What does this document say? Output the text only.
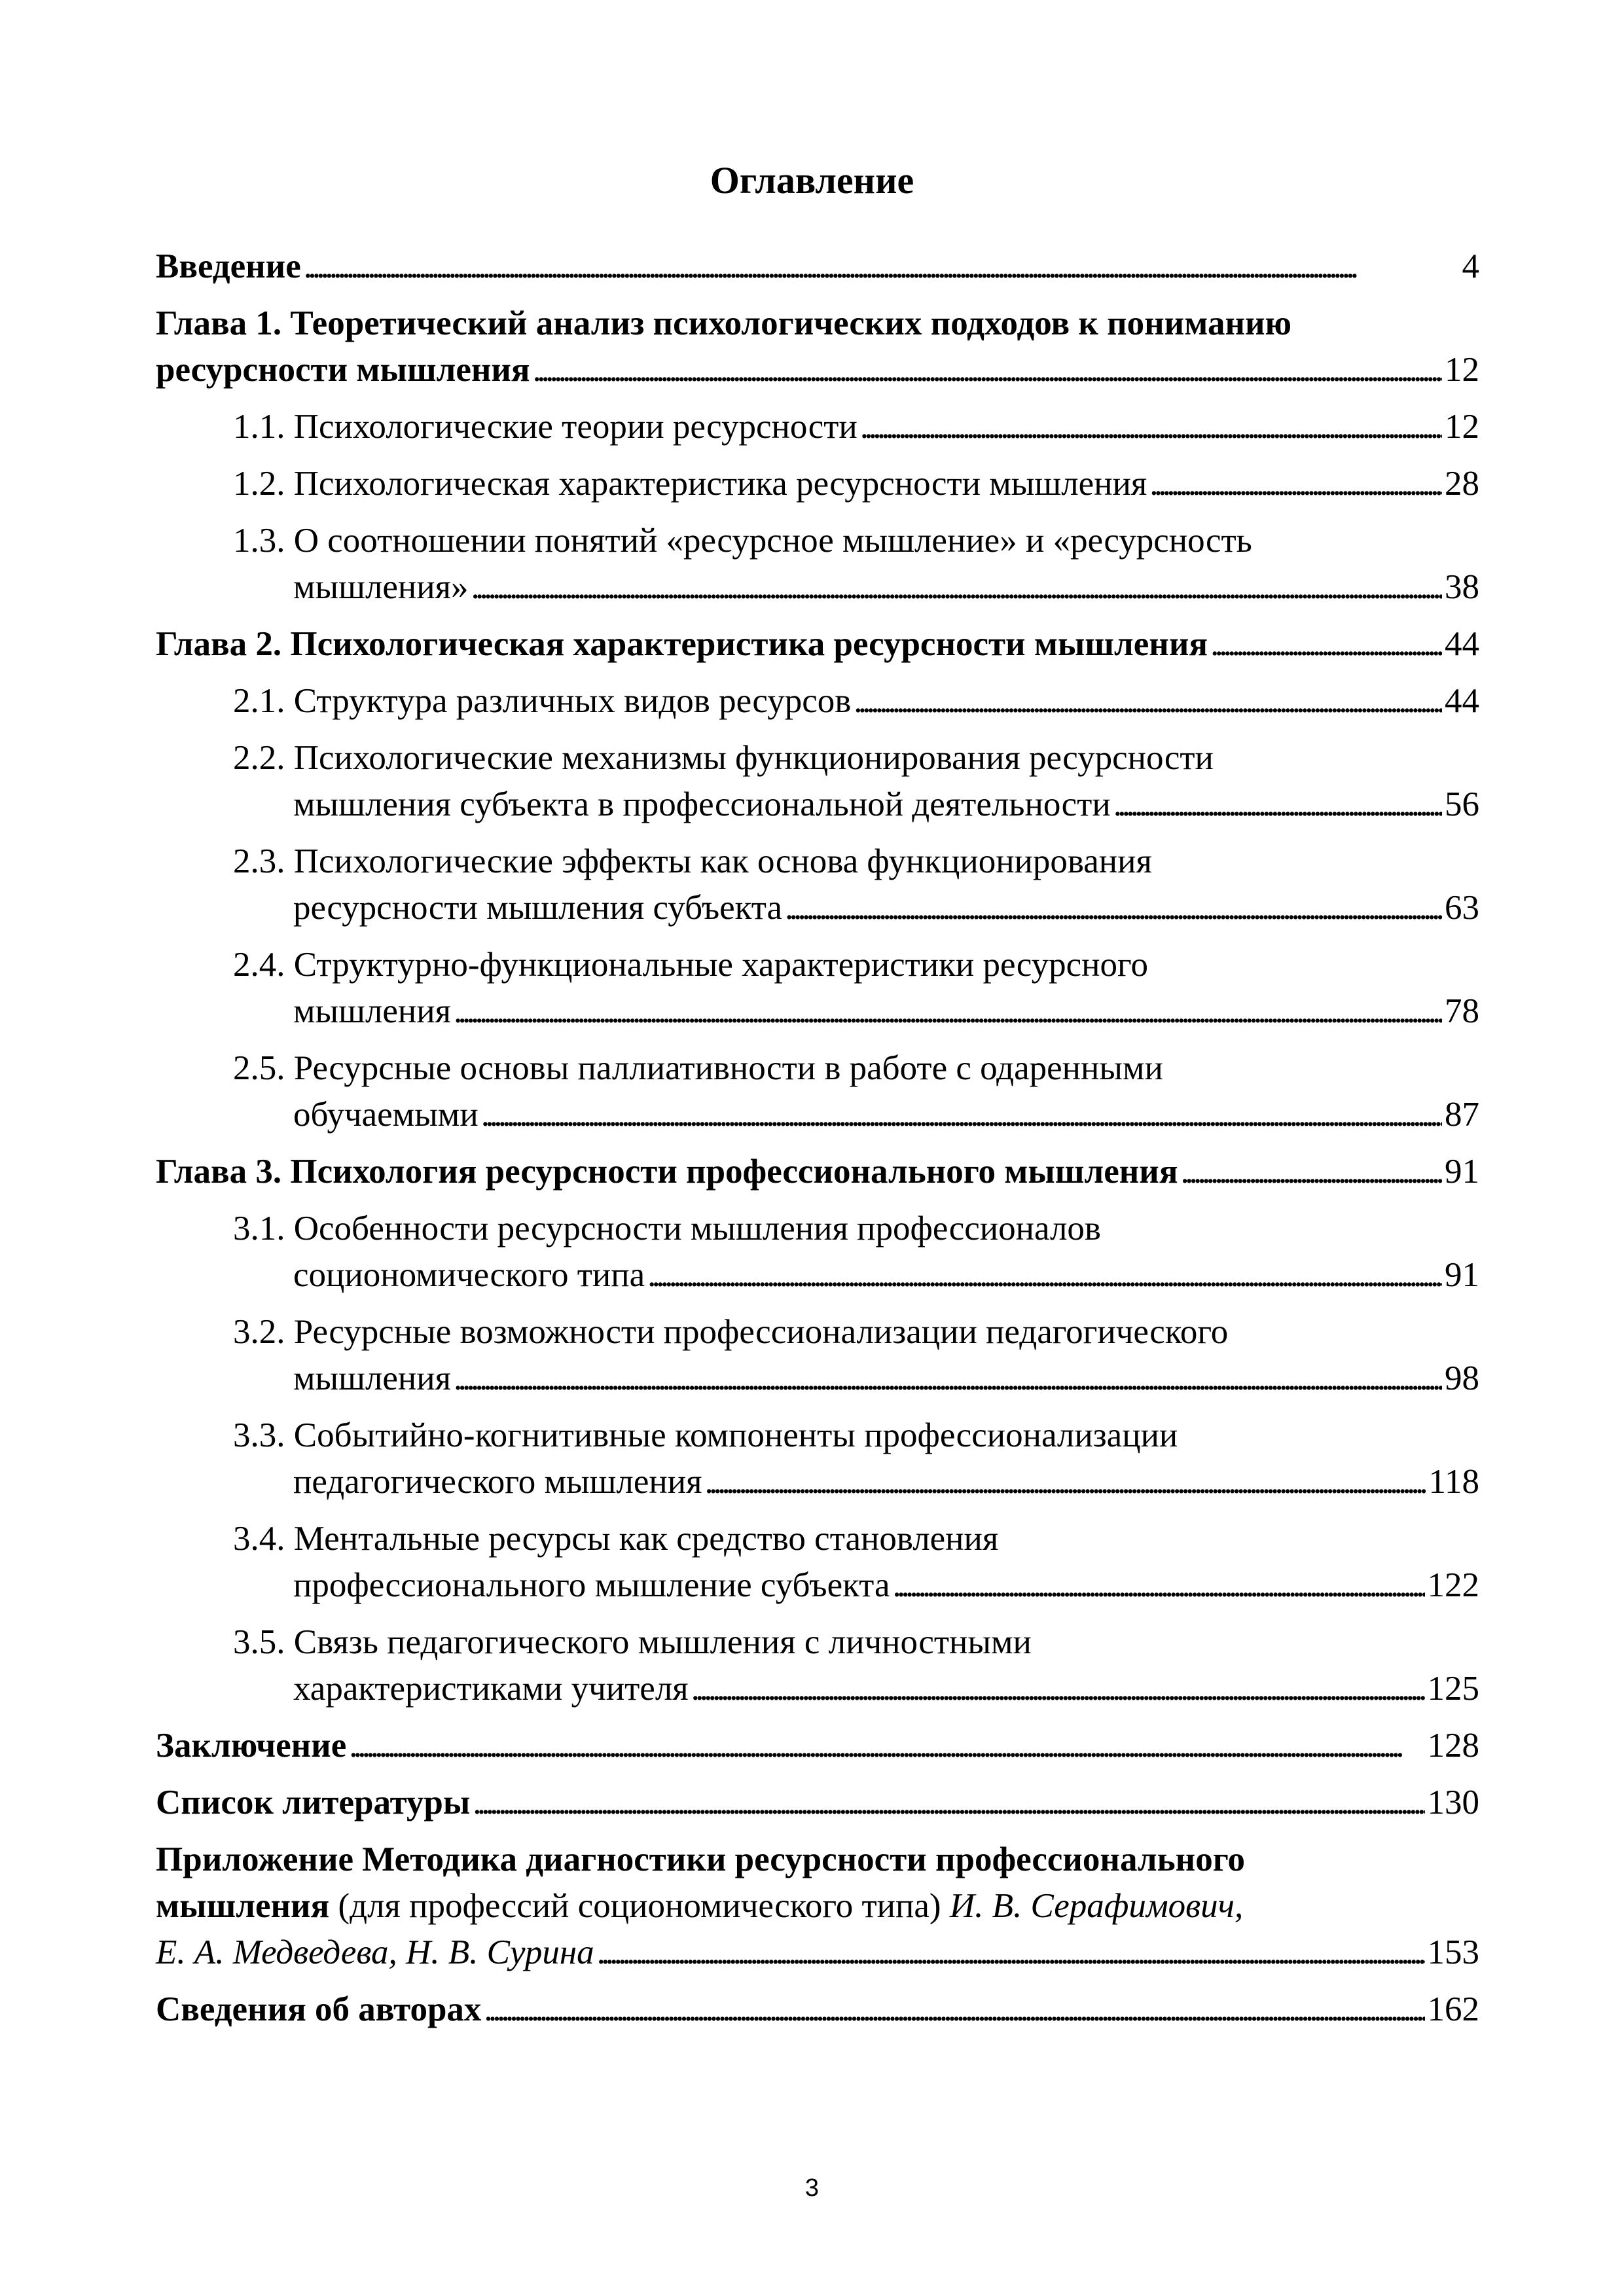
Оглавление
Введение . . .	4
Глава 1. Теоретический анализ психологических подходов к пониманию
ресурсности мышления . . .	12
1.1. Психологические теории ресурсности . . .	12
1.2. Психологическая характеристика ресурсности мышления . . .	28
1.3. О соотношении понятий «ресурсное мышление» и «ресурсность
мышления» . . .	38
Глава 2. Психологическая характеристика ресурсности мышления . . .	44
2.1. Структура различных видов ресурсов . . .	44
2.2. Психологические механизмы функционирования ресурсности
мышления субъекта в профессиональной деятельности . . .	56
2.3. Психологические эффекты как основа функционирования
ресурсности мышления субъекта . . .	63
2.4. Структурно-функциональные характеристики ресурсного
мышления . . .	78
2.5. Ресурсные основы паллиативности в работе с одаренными
обучаемыми . . .	87
Глава 3. Психология ресурсности профессионального мышления . . .	91
3.1. Особенности ресурсности мышления профессионалов
социономического типа . . .	91
3.2. Ресурсные возможности профессионализации педагогического
мышления . . .	98
3.3. Событийно-когнитивные компоненты профессионализации
педагогического мышления . . .	118
3.4. Ментальные ресурсы как средство становления
профессионального мышление субъекта . . .	122
3.5. Связь педагогического мышления с личностными
характеристиками учителя . . .	125
Заключение . . .	128
Список литературы . . .	130
Приложение Методика диагностики ресурсности профессионального
мышления (для профессий социономического типа) И. В. Серафимович,
Е. А. Медведева, Н. В. Сурина . . .	153
Сведения об авторах . . .	162
3
